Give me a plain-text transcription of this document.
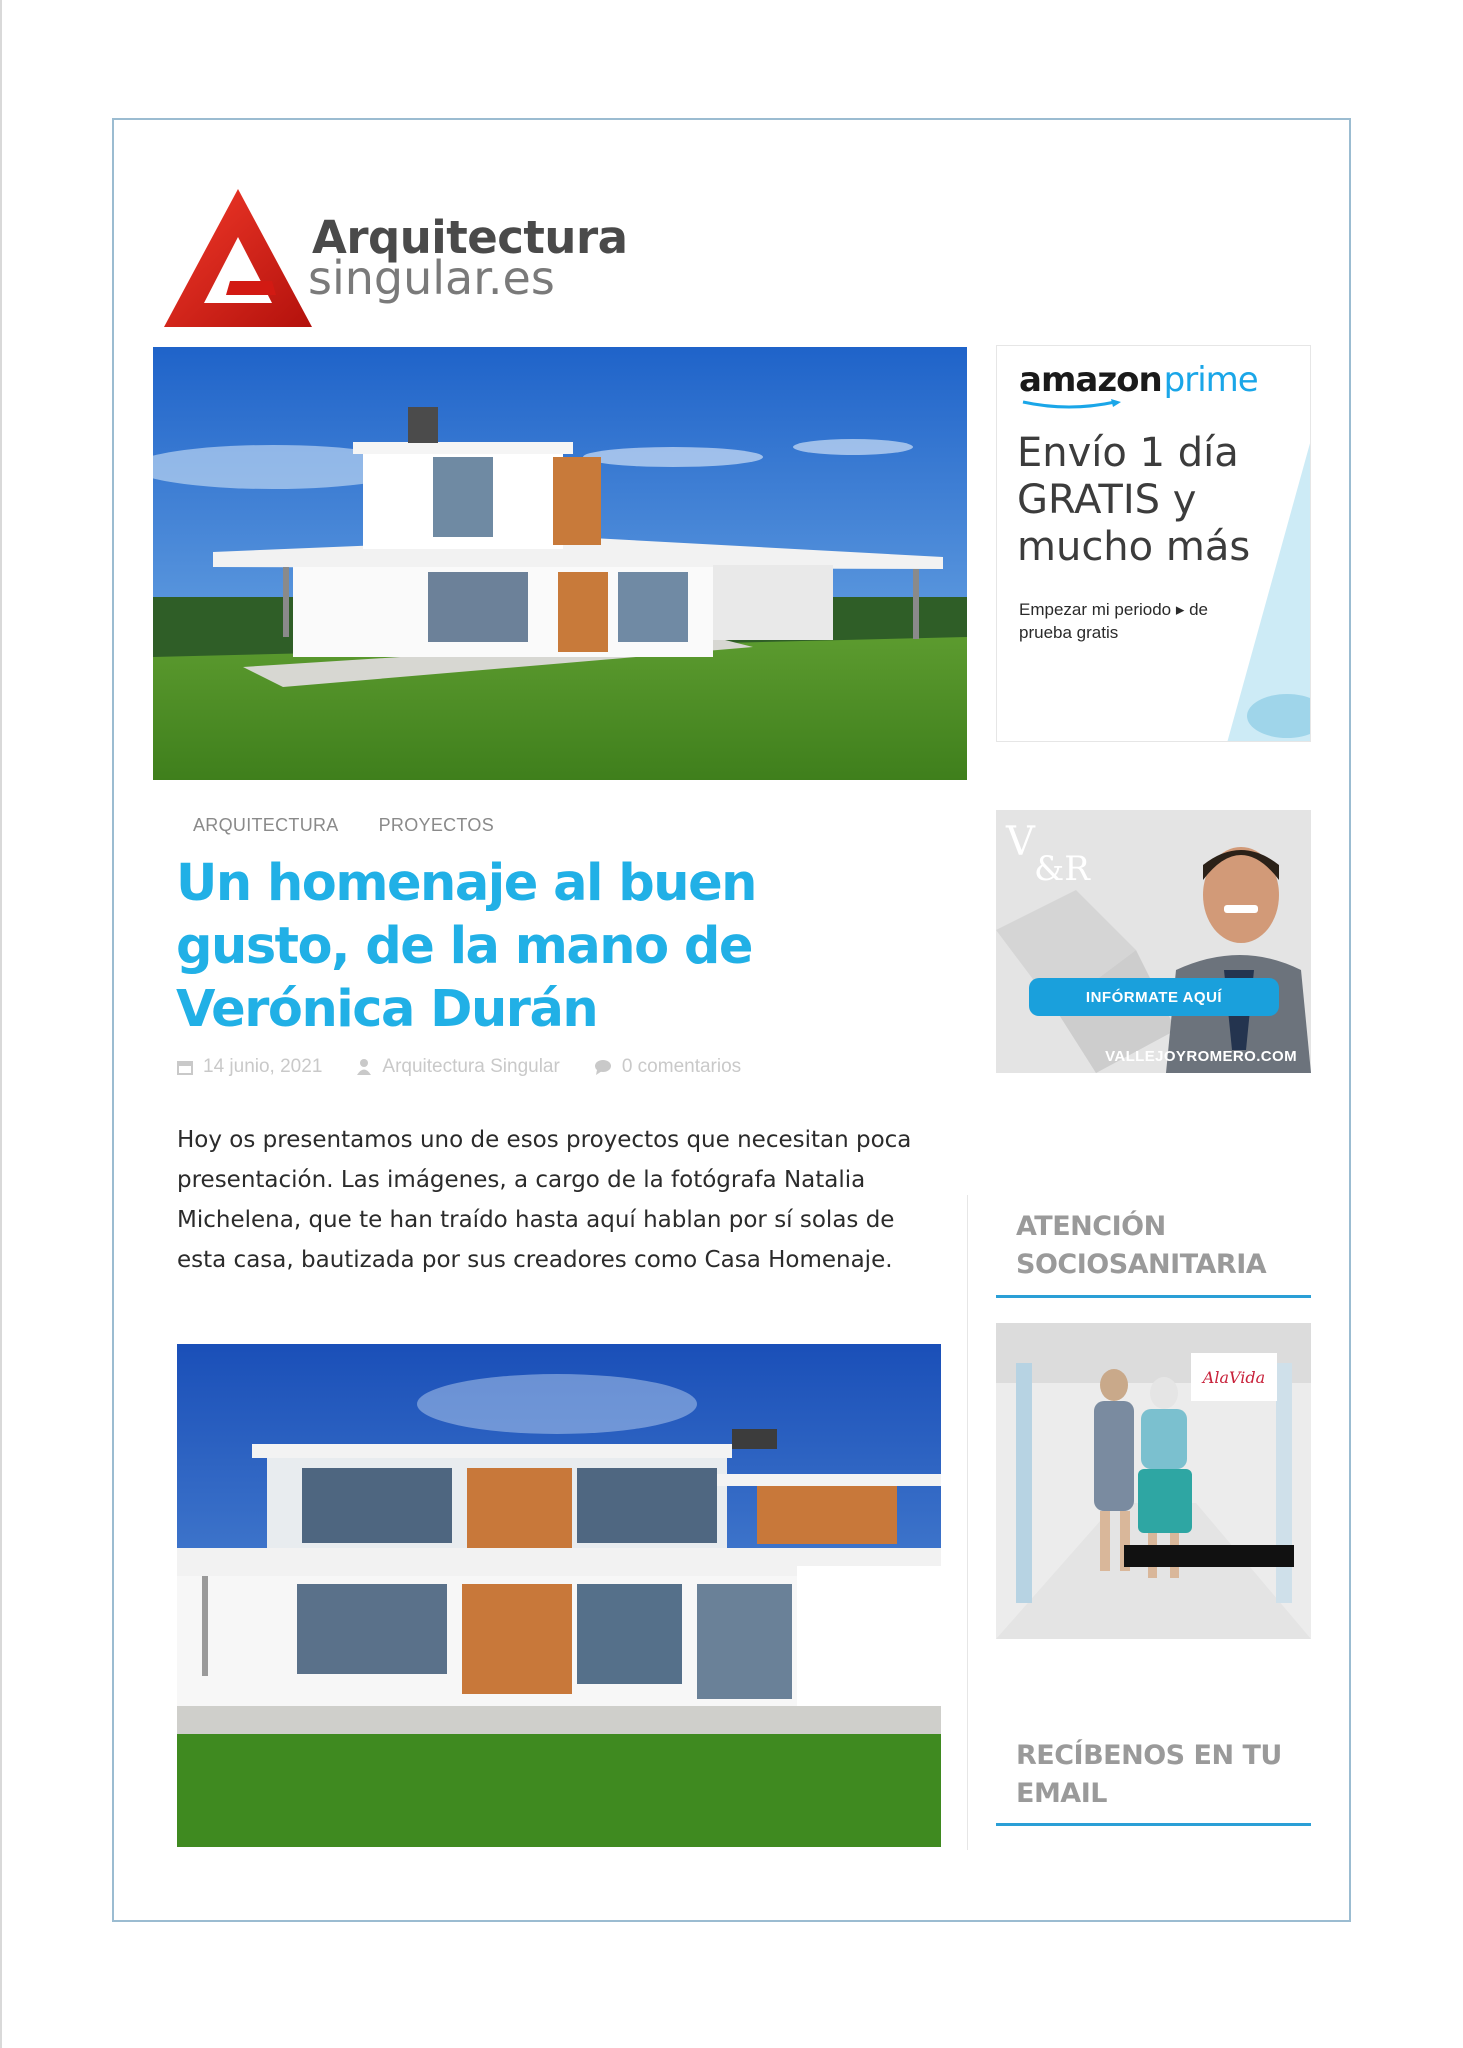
Arquitectura
singular.es
ARQUITECTURA PROYECTOS
Un homenaje al buen gusto, de la mano de Verónica Durán
14 junio, 2021	Arquitectura Singular	0 comentarios

Hoy os presentamos uno de esos proyectos que necesitan poca presentación. Las imágenes, a cargo de la fotógrafa Natalia Michelena, que te han traído hasta aquí hablan por sí solas de esta casa, bautizada por sus creadores como Casa Homenaje.

amazonprime
Envío 1 día GRATIS y mucho más
Empezar mi periodo ▸ de prueba gratis
V
&R
INFÓRMATE AQUÍ
VALLEJOYROMERO.COM
ATENCIÓN SOCIOSANITARIA
AlaVida
RECÍBENOS EN TU EMAIL
